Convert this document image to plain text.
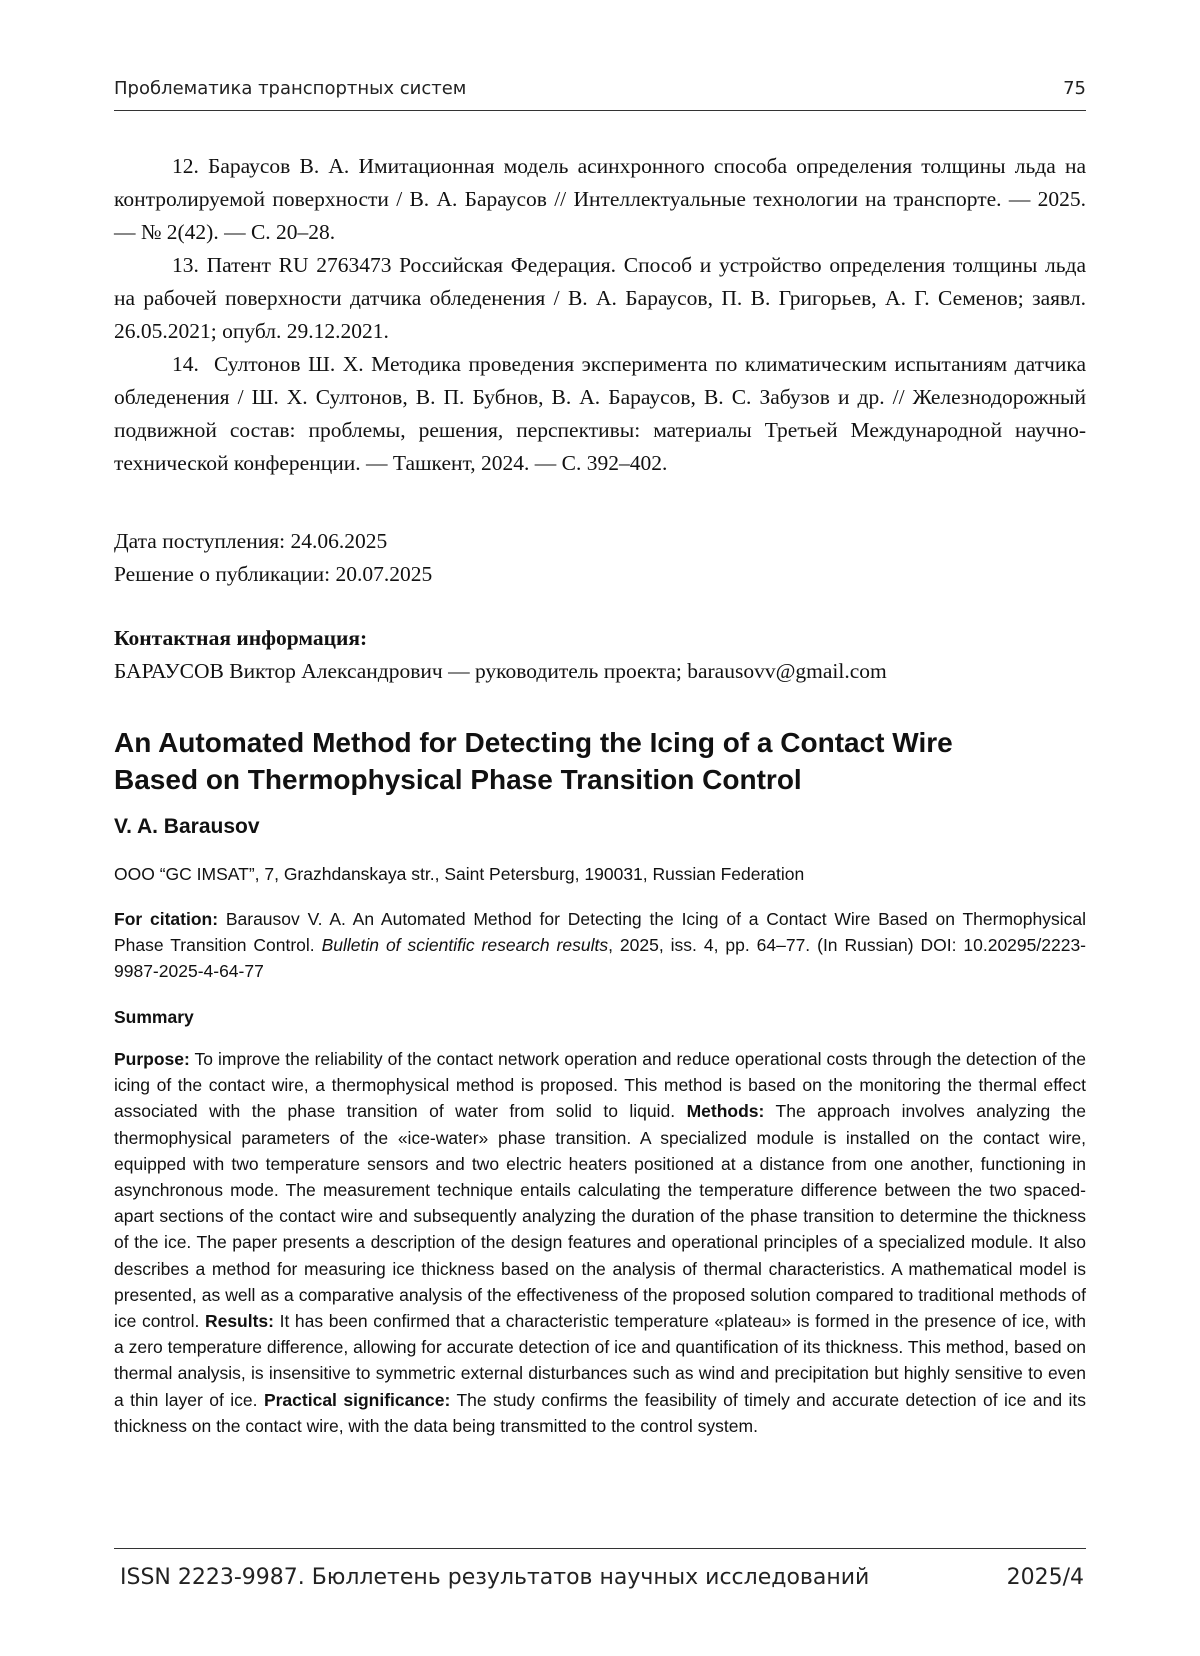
Проблематика транспортных систем	75

12. Бараусов В. А. Имитационная модель асинхронного способа определения толщины льда на контролируемой поверхности / В. А. Бараусов // Интеллектуальные технологии на транспорте. — 2025. — № 2(42). — С. 20–28.

13. Патент RU 2763473 Российская Федерация. Способ и устройство определения толщины льда на рабочей поверхности датчика обледенения / В. А. Бараусов, П. В. Григорьев, А. Г. Семенов; заявл. 26.05.2021; опубл. 29.12.2021.

14. Султонов Ш. Х. Методика проведения эксперимента по климатическим испытаниям датчика обледенения / Ш. Х. Султонов, В. П. Бубнов, В. А. Бараусов, В. С. Забузов и др. // Железнодорожный подвижной состав: проблемы, решения, перспективы: материалы Третьей Международной научно-технической конференции. — Ташкент, 2024. — С. 392–402.

Дата поступления: 24.06.2025
Решение о публикации: 20.07.2025
Контактная информация:
БАРАУСОВ Виктор Александрович — руководитель проекта; barausovv@gmail.com
An Automated Method for Detecting the Icing of a Contact Wire
Based on Thermophysical Phase Transition Control
V. A. Barausov
OOO “GC IMSAT”, 7, Grazhdanskaya str., Saint Petersburg, 190031, Russian Federation
For citation: Barausov V. A. An Automated Method for Detecting the Icing of a Contact Wire Based on Thermophysical Phase Transition Control. Bulletin of scientific research results, 2025, iss. 4, pp. 64–77. (In Russian) DOI: 10.20295/2223-9987-2025-4-64-77
Summary
Purpose: To improve the reliability of the contact network operation and reduce operational costs through the detection of the icing of the contact wire, a thermophysical method is proposed. This method is based on the monitoring the thermal effect associated with the phase transition of water from solid to liquid. Methods: The approach involves analyzing the thermophysical parameters of the «ice-water» phase transition. A specialized module is installed on the contact wire, equipped with two temperature sensors and two electric heaters positioned at a distance from one another, functioning in asynchronous mode. The measurement technique entails calculating the temperature difference between the two spaced-apart sections of the contact wire and subsequently analyzing the duration of the phase transition to determine the thickness of the ice. The paper presents a description of the design features and operational principles of a specialized module. It also describes a method for measuring ice thickness based on the analysis of thermal characteristics. A mathematical model is presented, as well as a comparative analysis of the effectiveness of the proposed solution compared to traditional methods of ice control. Results: It has been confirmed that a characteristic temperature «plateau» is formed in the presence of ice, with a zero temperature difference, allowing for accurate detection of ice and quantification of its thickness. This method, based on thermal analysis, is insensitive to symmetric external disturbances such as wind and precipitation but highly sensitive to even a thin layer of ice. Practical significance: The study confirms the feasibility of timely and accurate detection of ice and its thickness on the contact wire, with the data being transmitted to the control system.
ISSN 2223-9987. Бюллетень результатов научных исследований	2025/4
